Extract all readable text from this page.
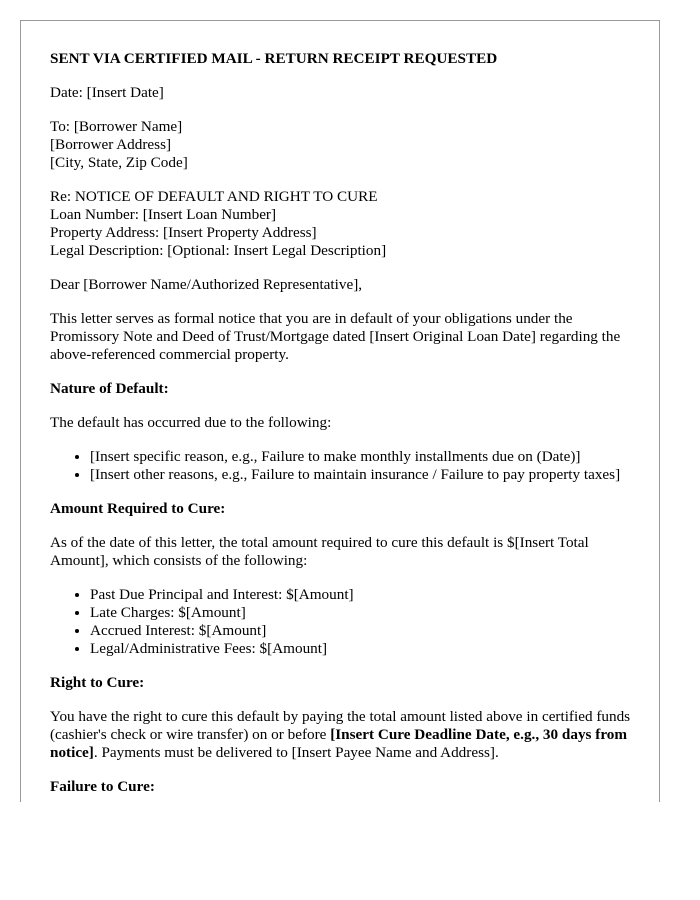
SENT VIA CERTIFIED MAIL - RETURN RECEIPT REQUESTED

Date: [Insert Date]

To: [Borrower Name]
[Borrower Address]
[City, State, Zip Code]

Re: NOTICE OF DEFAULT AND RIGHT TO CURE
Loan Number: [Insert Loan Number]
Property Address: [Insert Property Address]
Legal Description: [Optional: Insert Legal Description]

Dear [Borrower Name/Authorized Representative],

This letter serves as formal notice that you are in default of your obligations under the Promissory Note and Deed of Trust/Mortgage dated [Insert Original Loan Date] regarding the above-referenced commercial property.

Nature of Default:

The default has occurred due to the following:

• [Insert specific reason, e.g., Failure to make monthly installments due on (Date)]
• [Insert other reasons, e.g., Failure to maintain insurance / Failure to pay property taxes]

Amount Required to Cure:

As of the date of this letter, the total amount required to cure this default is $[Insert Total Amount], which consists of the following:

• Past Due Principal and Interest: $[Amount]
• Late Charges: $[Amount]
• Accrued Interest: $[Amount]
• Legal/Administrative Fees: $[Amount]

Right to Cure:

You have the right to cure this default by paying the total amount listed above in certified funds (cashier's check or wire transfer) on or before [Insert Cure Deadline Date, e.g., 30 days from notice]. Payments must be delivered to [Insert Payee Name and Address].

Failure to Cure:
